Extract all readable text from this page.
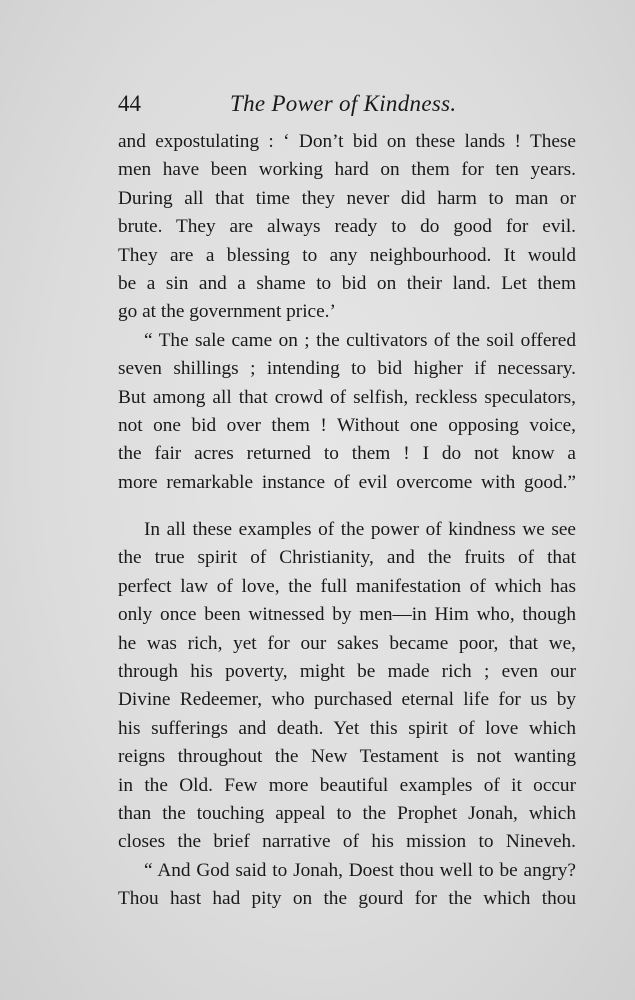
44	The Power of Kindness.

and expostulating : ‘ Don’t bid on these lands ! These

men have been working hard on them for ten years.

During all that time they never did harm to man or

brute. They are always ready to do good for evil.

They are a blessing to any neighbourhood. It would

be a sin and a shame to bid on their land. Let them

go at the government price.’

“ The sale came on ; the cultivators of the soil offered

seven shillings ; intending to bid higher if necessary.

But among all that crowd of selfish, reckless speculators,

not one bid over them ! Without one opposing voice,

the fair acres returned to them ! I do not know a

more remarkable instance of evil overcome with good.”

In all these examples of the power of kindness we see

the true spirit of Christianity, and the fruits of that

perfect law of love, the full manifestation of which has

only once been witnessed by men—in Him who, though

he was rich, yet for our sakes became poor, that we,

through his poverty, might be made rich ; even our

Divine Redeemer, who purchased eternal life for us by

his sufferings and death. Yet this spirit of love which

reigns throughout the New Testament is not wanting

in the Old. Few more beautiful examples of it occur

than the touching appeal to the Prophet Jonah, which

closes the brief narrative of his mission to Nineveh.

“ And God said to Jonah, Doest thou well to be angry?

Thou hast had pity on the gourd for the which thou
